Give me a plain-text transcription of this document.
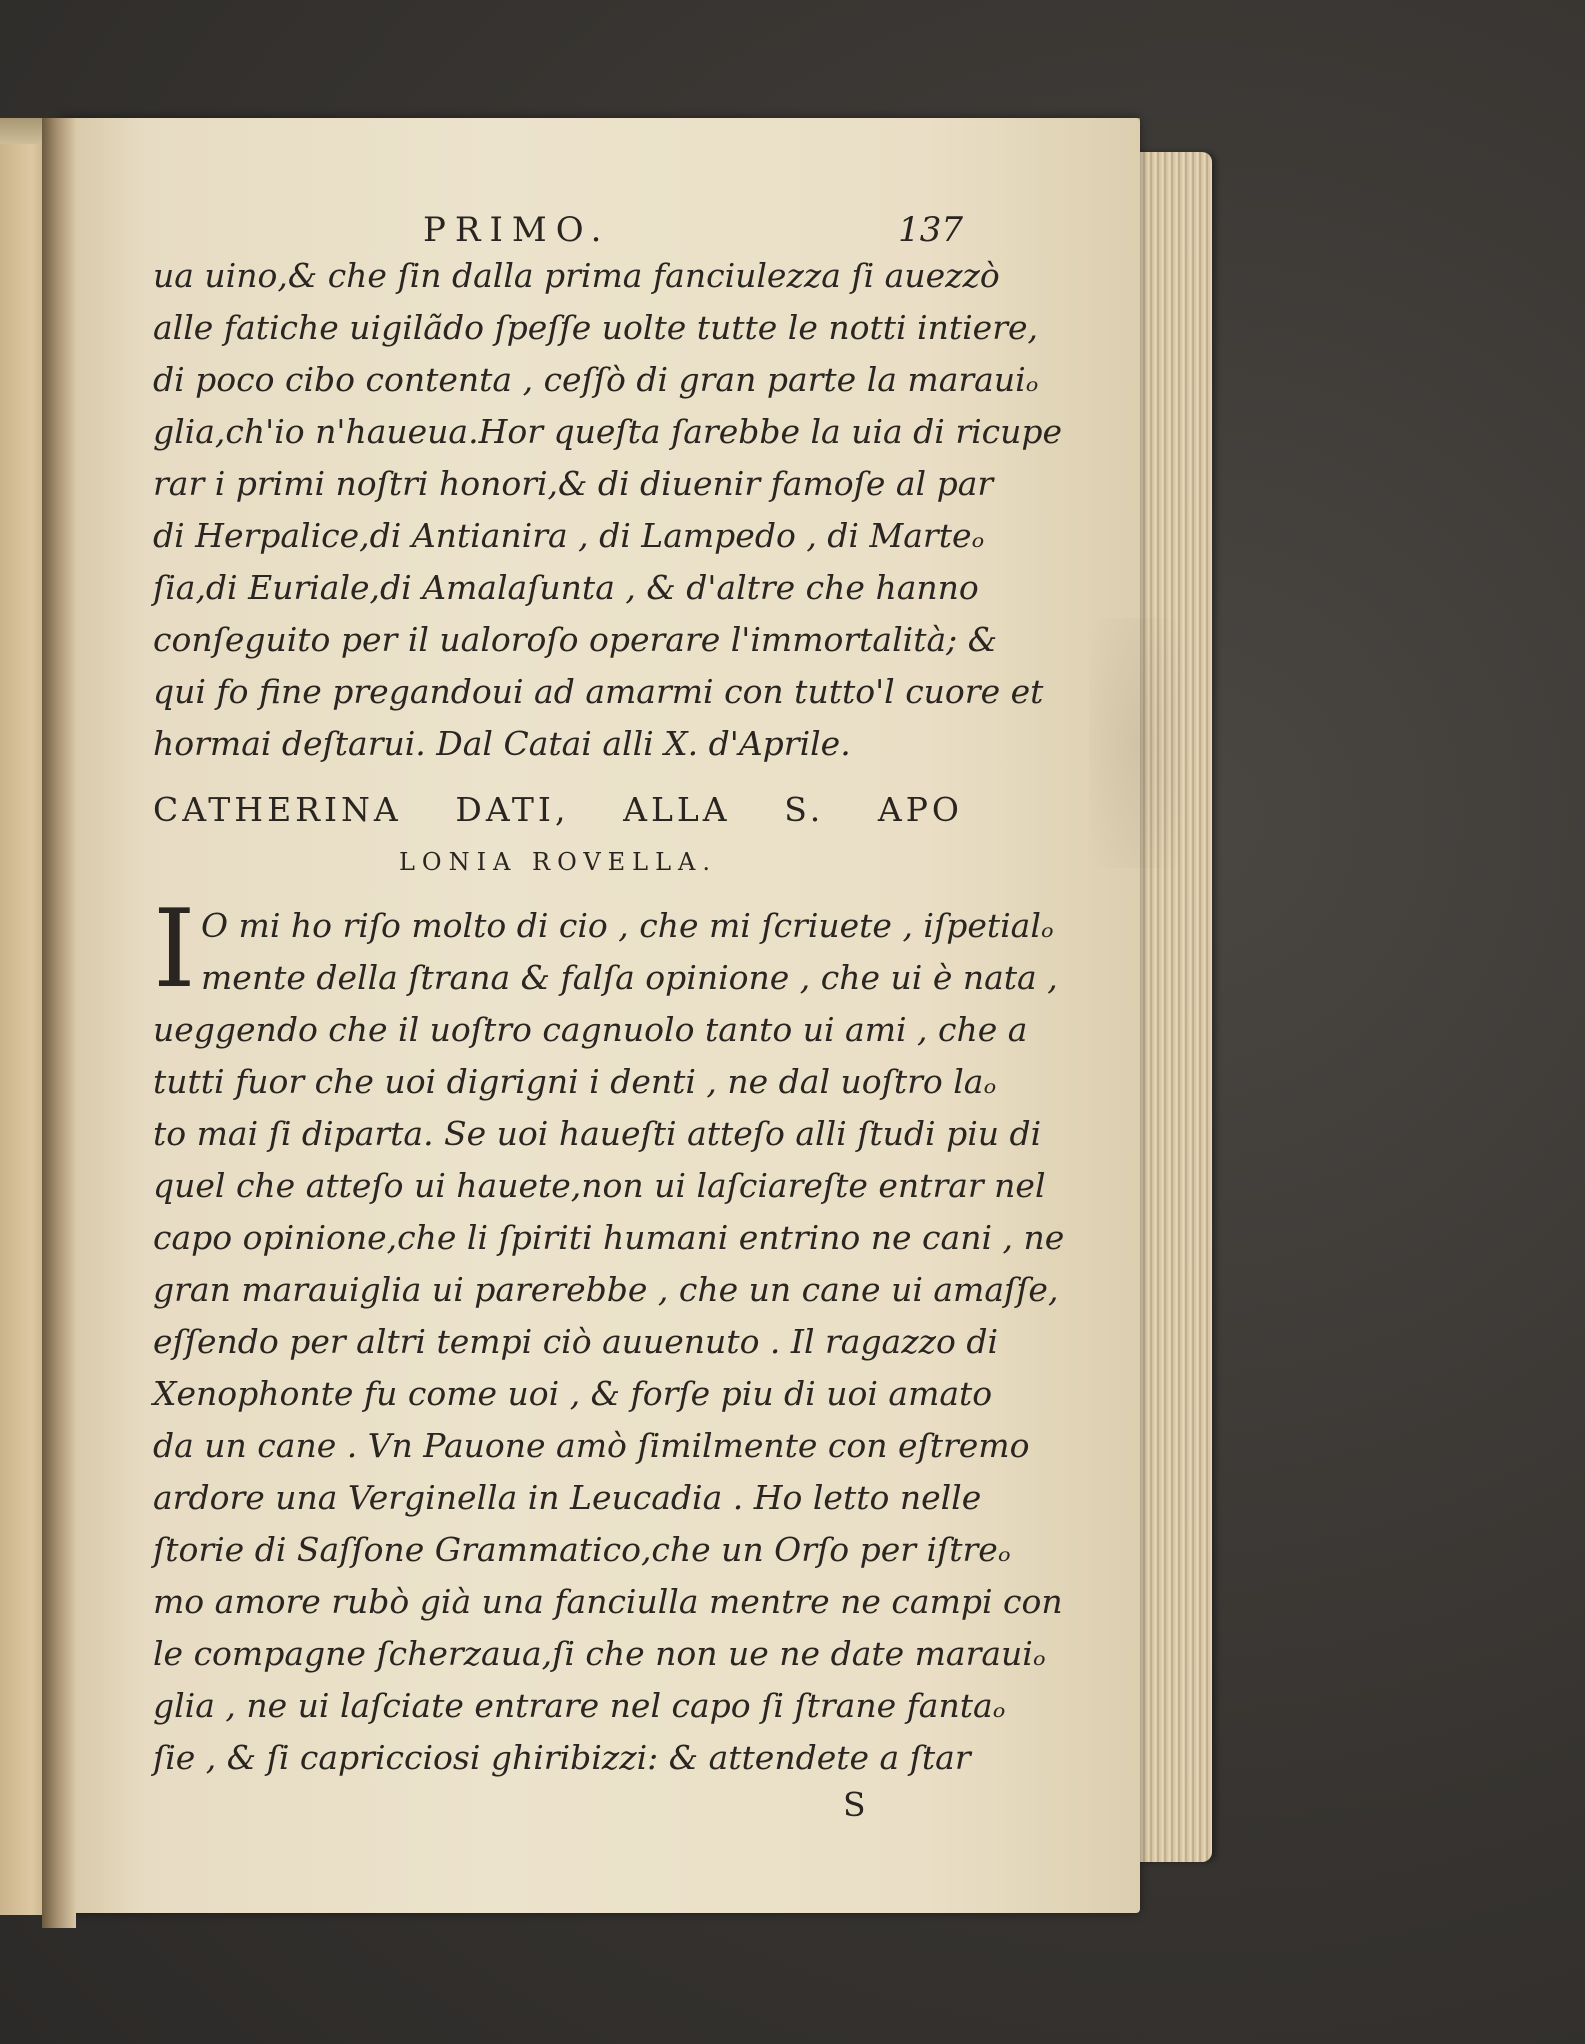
PRIMO.	137
ua uino,& che ſin dalla prima fanciulezza ſi auezzò
alle fatiche uigilãdo ſpeſſe uolte tutte le notti intiere,
di poco cibo contenta , ceſſò di gran parte la marauiₒ
glia,ch'io n'haueua.Hor queſta ſarebbe la uia di ricupe
rar i primi noſtri honori,& di diuenir famoſe al par
di Herpalice,di Antianira , di Lampedo , di Marteₒ
ſia,di Euriale,di Amalaſunta , & d'altre che hanno
conſeguito per il ualoroſo operare l'immortalità; &
qui fo fine pregandoui ad amarmi con tutto'l cuore et
hormai deſtarui. Dal Catai alli X. d'Aprile.
CATHERINA DATI, ALLA S. APO
LONIA ROVELLA.
I O mi ho riſo molto di cio , che mi ſcriuete , iſpetialₒ
mente della ſtrana & falſa opinione , che ui è nata ,
ueggendo che il uoſtro cagnuolo tanto ui ami , che a
tutti fuor che uoi digrigni i denti , ne dal uoſtro laₒ
to mai ſi diparta. Se uoi haueſti atteſo alli ſtudi piu di
quel che atteſo ui hauete,non ui laſciareſte entrar nel
capo opinione,che li ſpiriti humani entrino ne cani , ne
gran marauiglia ui parerebbe , che un cane ui amaſſe,
eſſendo per altri tempi ciò auuenuto . Il ragazzo di
Xenophonte fu come uoi , & forſe piu di uoi amato
da un cane . Vn Pauone amò ſimilmente con eſtremo
ardore una Verginella in Leucadia . Ho letto nelle
ſtorie di Saſſone Grammatico,che un Orſo per iſtreₒ
mo amore rubò già una fanciulla mentre ne campi con
le compagne ſcherzaua,ſi che non ue ne date marauiₒ
glia , ne ui laſciate entrare nel capo ſi ſtrane fantaₒ
ſie , & ſi capricciosi ghiribizzi: & attendete a ſtar
S
